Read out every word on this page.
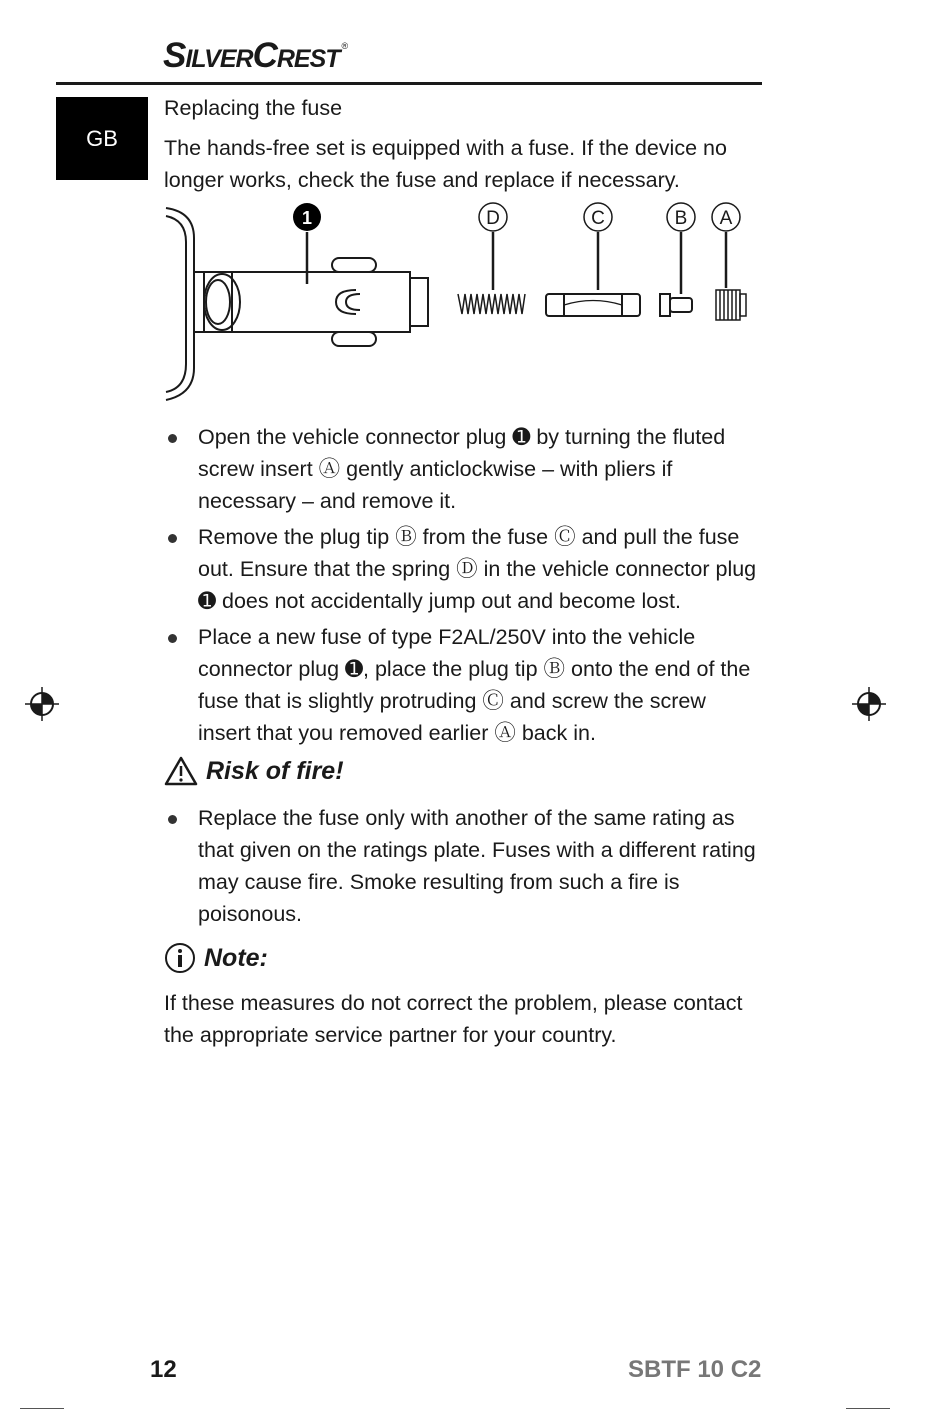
SilverCrest ®
GB
Replacing the fuse
The hands-free set is equipped with a fuse. If the device no longer works, check the fuse and replace if necessary.
1	D	C	B A
Open the vehicle connector plug ➊ by turning the fluted screw insert Ⓐ gently anticlockwise – with pliers if necessary – and remove it.
Remove the plug tip Ⓑ from the fuse Ⓒ and pull the fuse out. Ensure that the spring Ⓓ in the vehicle connector plug ➊ does not accidentally jump out and become lost.
Place a new fuse of type F2AL/250V into the vehicle connector plug ➊, place the plug tip Ⓑ onto the end of the fuse that is slightly protruding Ⓒ and screw the screw insert that you removed earlier Ⓐ back in.
Risk of fire!
Replace the fuse only with another of the same rating as that given on the ratings plate. Fuses with a different rating may cause fire. Smoke resulting from such a fire is poisonous.
Note:
If these measures do not correct the problem, please contact the appropriate service partner for your country.
12	SBTF 10 C2
